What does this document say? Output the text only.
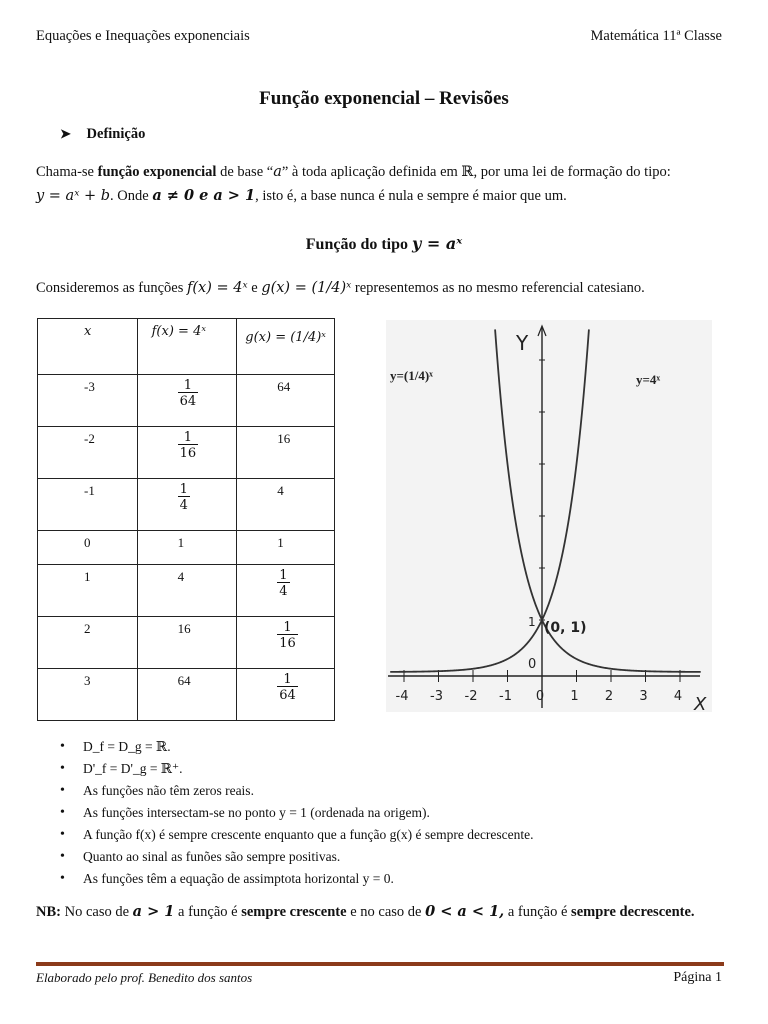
Equações e Inequações exponenciais	Matemática 11ª Classe
Função exponencial – Revisões
➤ Definição
Chama-se função exponencial de base “a” à toda aplicação definida em ℝ, por uma lei de formação do tipo:
y = aˣ + b. Onde a ≠ 0 e a > 1, isto é, a base nunca é nula e sempre é maior que um.
Função do tipo y = aˣ
Consideremos as funções f(x) = 4ˣ e g(x) = (1/4)ˣ representemos as no mesmo referencial catesiano.
x	f(x) = 4ˣ	g(x) = (1/4)ˣ
-3	$\frac{1}{64}$	64
-2	$\frac{1}{16}$	16
-1	$\frac{1}{4}$	4
0	1	1
1	4	$\frac{1}{4}$

2	16	$\frac{1}{16}$

3	64	$\frac{1}{64}$	-4 -3 -2 -1 0 1 2 3 4
Y
X
y=(1/4)ˣ	y=4ˣ
(0, 1)
1
0
• D_f = D_g = ℝ.
• D'_f = D'_g = ℝ⁺.
• As funções não têm zeros reais.
• As funções intersectam-se no ponto y = 1 (ordenada na origem).
• A função f(x) é sempre crescente enquanto que a função g(x) é sempre decrescente.
• Quanto ao sinal as funões são sempre positivas.
• As funções têm a equação de assimptota horizontal y = 0.
NB: No caso de a > 1 a função é sempre crescente e no caso de 0 < a < 1, a função é sempre decrescente.
Elaborado pelo prof. Benedito dos santos	Página 1
